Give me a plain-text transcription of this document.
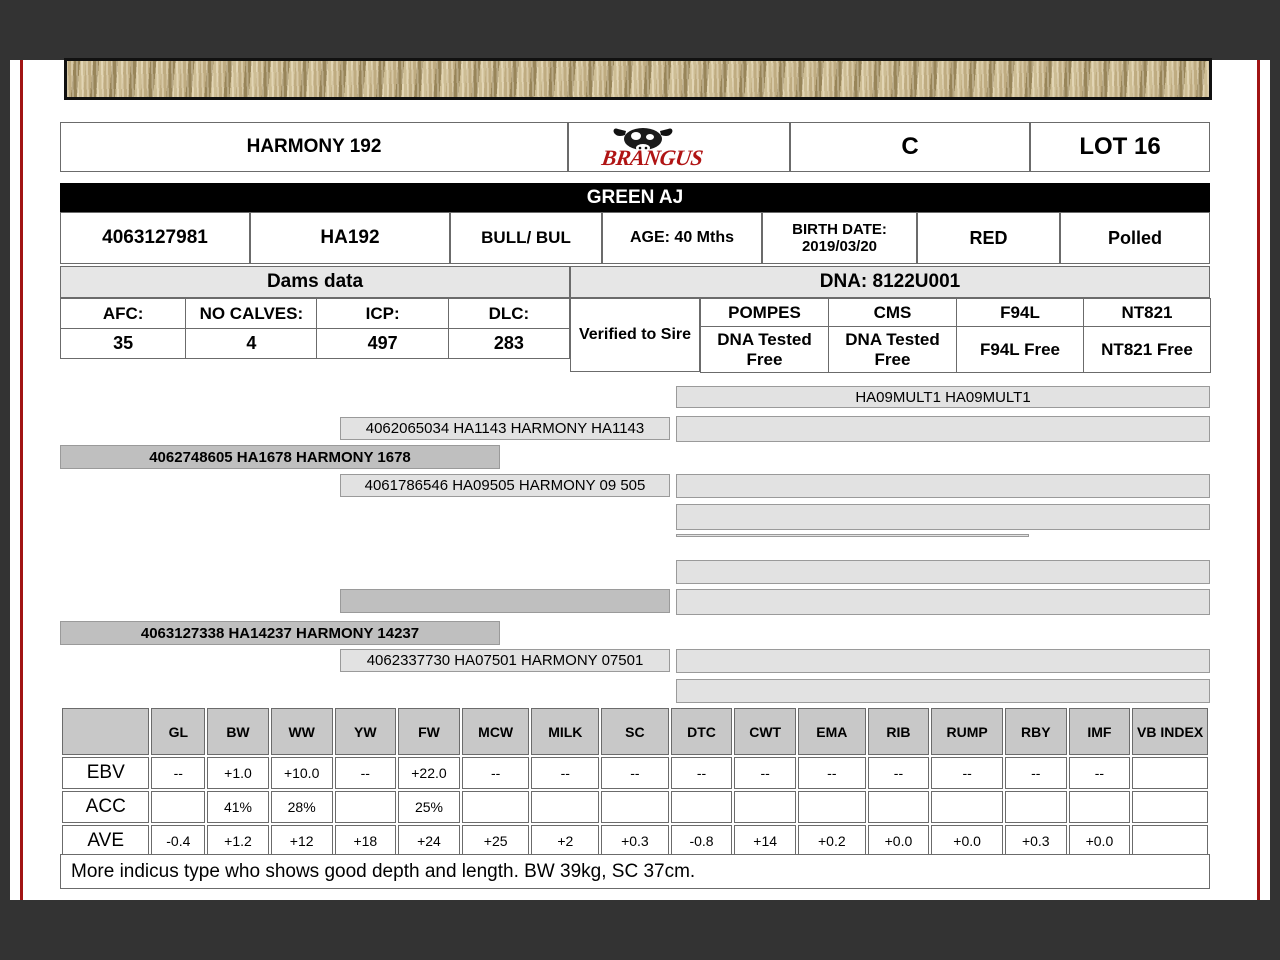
HARMONY 192	BRANGUS	C	LOT 16
GREEN AJ
4063127981	HA192	BULL/ BUL	AGE: 40 Mths	BIRTH DATE: 2019/03/20	RED	Polled
Dams data	DNA: 8122U001
AFC:	NO CALVES:	ICP:	DLC:
35	4	497	283	Verified to Sire
POMPES	CMS	F94L	NT821
DNA Tested Free	DNA Tested Free	F94L Free	NT821 Free
HA09MULT1 HA09MULT1
4062065034 HA1143 HARMONY HA1143
4062748605 HA1678 HARMONY 1678
4061786546 HA09505 HARMONY 09 505
4063127338 HA14237 HARMONY 14237
4062337730 HA07501 HARMONY 07501
	GL	BW	WW	YW	FW	MCW	MILK	SC	DTC	CWT	EMA	RIB	RUMP	RBY	IMF	VB INDEX
EBV	--	+1.0	+10.0	--	+22.0	--	--	--	--	--	--	--	--	--	--	
ACC		41%	28%		25%											
AVE	-0.4	+1.2	+12	+18	+24	+25	+2	+0.3	-0.8	+14	+0.2	+0.0	+0.0	+0.3	+0.0	
More indicus type who shows good depth and length. BW 39kg, SC 37cm.
